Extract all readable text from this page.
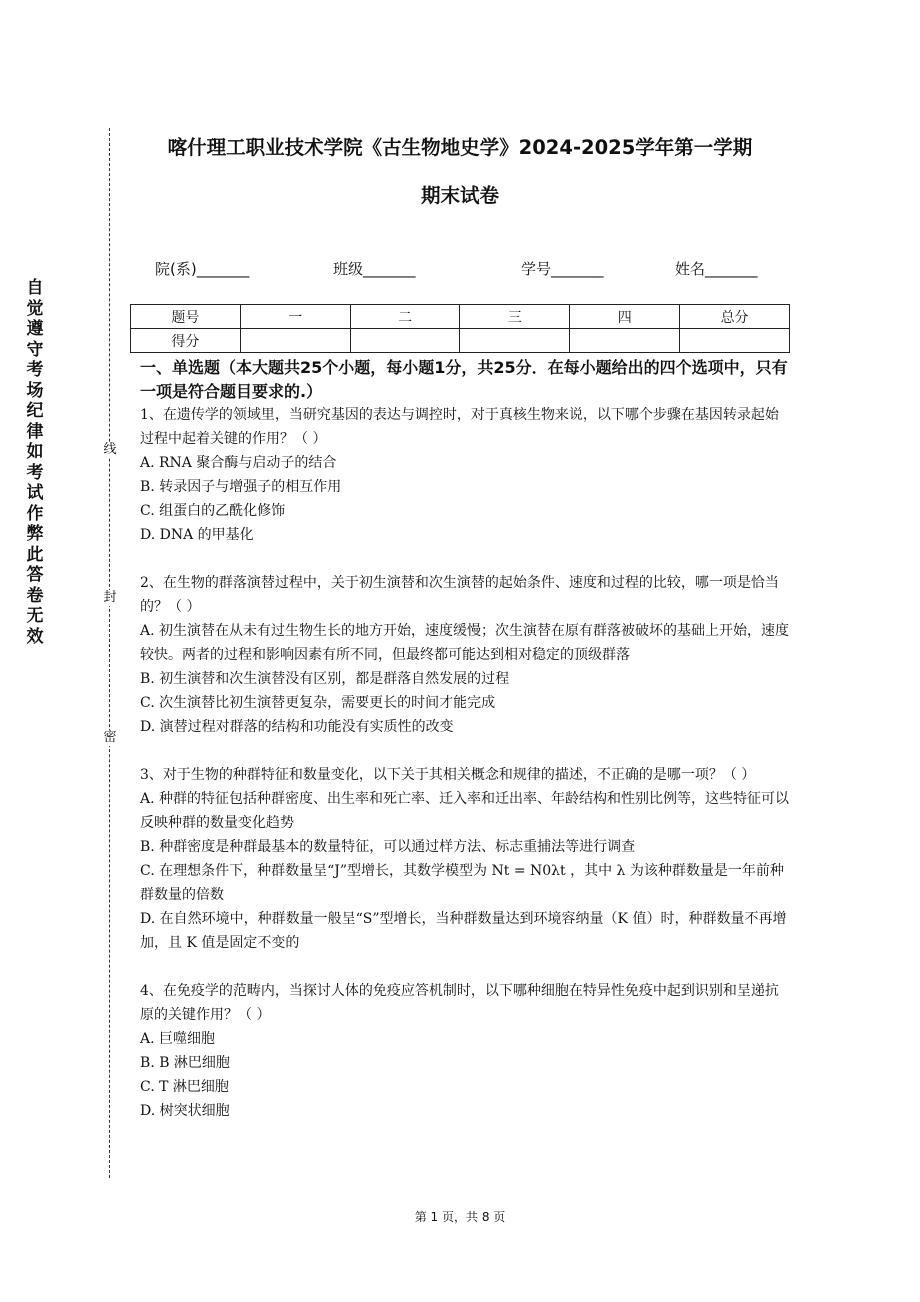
自
觉
遵
守
考
场
纪
律
如
考
试
作
弊
此
答
卷
无
效
线
封
密
喀什理工职业技术学院《古生物地史学》2024-2025学年第一学期
期末试卷
院(系)_______	班级_______	学号_______	姓名_______
题号	一	二	三	四	总分
得分					
一、单选题（本大题共25个小题，每小题1分，共25分．在每小题给出的四个选项中，只有一项是符合题目要求的.）

1、在遗传学的领域里，当研究基因的表达与调控时，对于真核生物来说，以下哪个步骤在基因转录起始过程中起着关键的作用？（ ）

A. RNA 聚合酶与启动子的结合

B. 转录因子与增强子的相互作用

C. 组蛋白的乙酰化修饰

D. DNA 的甲基化

2、在生物的群落演替过程中，关于初生演替和次生演替的起始条件、速度和过程的比较，哪一项是恰当的？（ ）

A. 初生演替在从未有过生物生长的地方开始，速度缓慢；次生演替在原有群落被破坏的基础上开始，速度较快。两者的过程和影响因素有所不同，但最终都可能达到相对稳定的顶级群落

B. 初生演替和次生演替没有区别，都是群落自然发展的过程

C. 次生演替比初生演替更复杂，需要更长的时间才能完成

D. 演替过程对群落的结构和功能没有实质性的改变

3、对于生物的种群特征和数量变化，以下关于其相关概念和规律的描述，不正确的是哪一项？（ ）

A. 种群的特征包括种群密度、出生率和死亡率、迁入率和迁出率、年龄结构和性别比例等，这些特征可以反映种群的数量变化趋势

B. 种群密度是种群最基本的数量特征，可以通过样方法、标志重捕法等进行调查

C. 在理想条件下，种群数量呈“J”型增长，其数学模型为 Nt = N0λt ，其中 λ 为该种群数量是一年前种群数量的倍数

D. 在自然环境中，种群数量一般呈“S”型增长，当种群数量达到环境容纳量（K 值）时，种群数量不再增加，且 K 值是固定不变的

4、在免疫学的范畴内，当探讨人体的免疫应答机制时，以下哪种细胞在特异性免疫中起到识别和呈递抗原的关键作用？（ ）

A. 巨噬细胞

B. B 淋巴细胞

C. T 淋巴细胞

D. 树突状细胞

第 1 页，共 8 页
